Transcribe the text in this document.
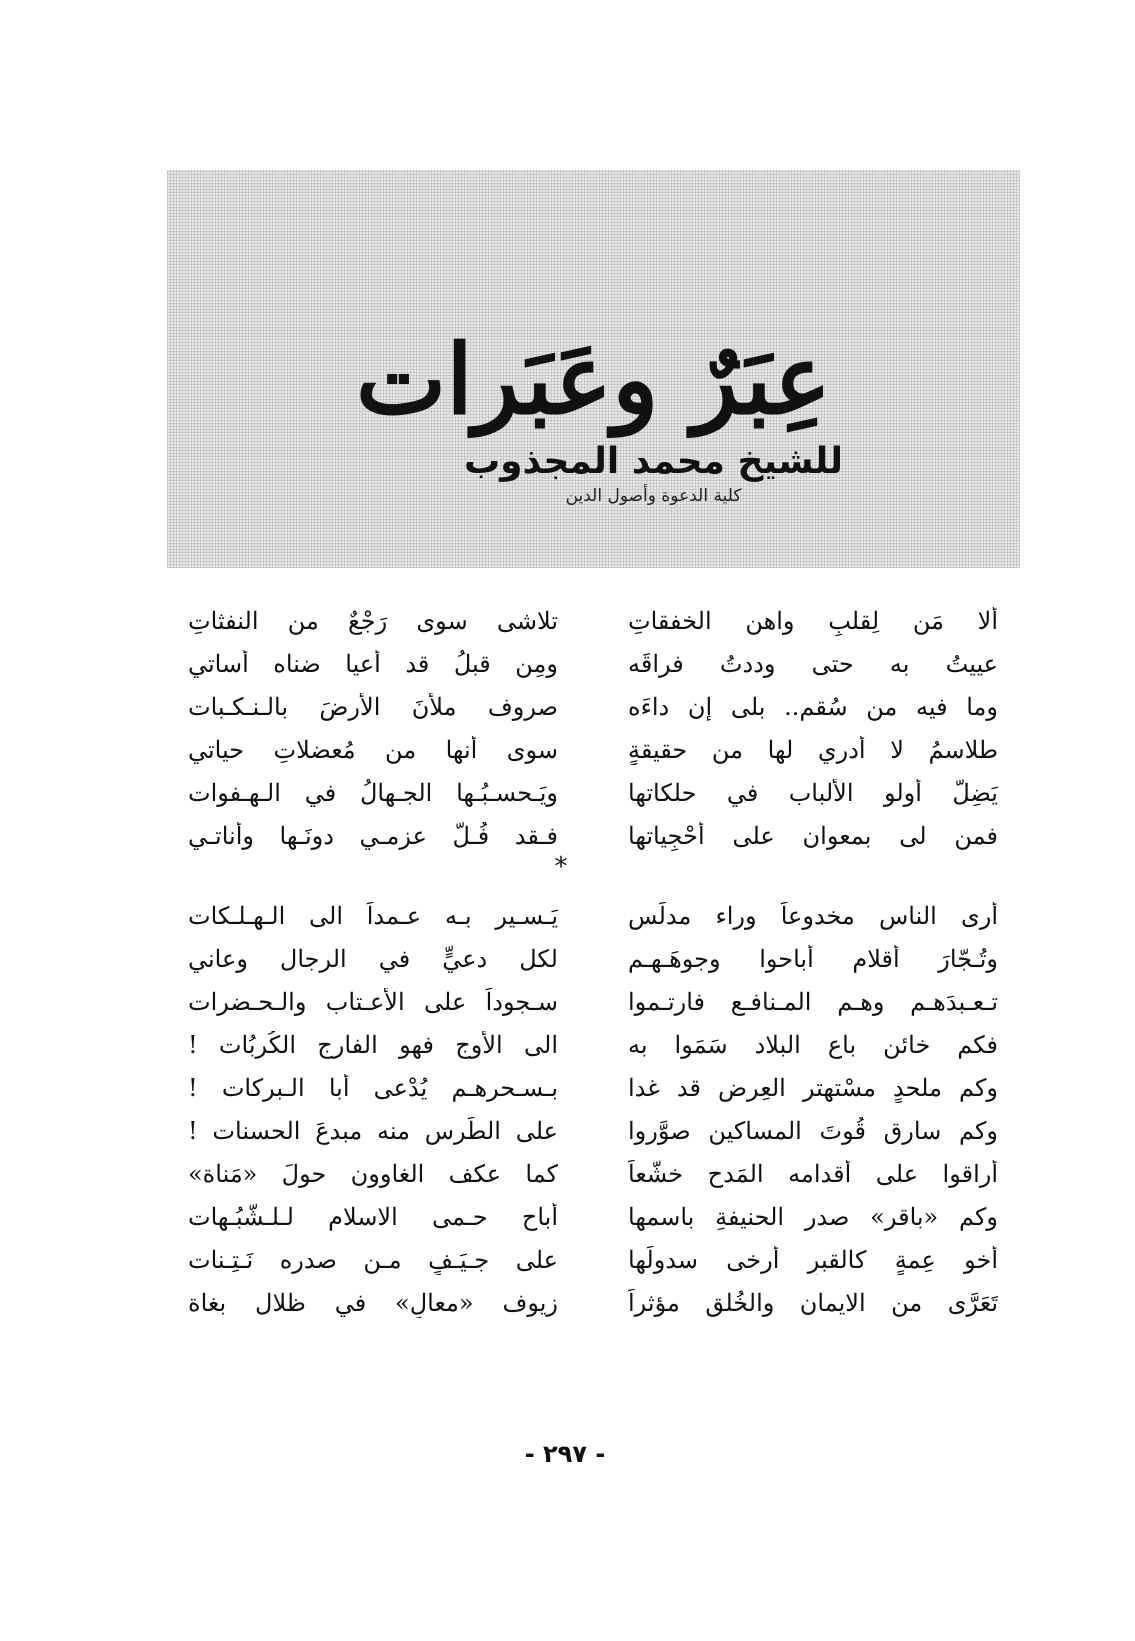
عِبَرٌ وعَبَرات
للشيخ محمد المجذوب
كلية الدعوة وأصول الدين
ألا مَن لِقلبٍ واهنِ الخفقاتِ
تلاشى سوى رَجْعٌ من النفثاتِ
عييتُ به حتى وددتُ فراقَه
ومِن قبلُ قد أعيا ضناه أساتي
وما فيه من سُقمٍ.. بلى إن داءَه
صروف ملأنَ الأرضَ بالـنـكـبات
طلاسمُ لا أدري لها من حقيقةٍ
سوى أنها من مُعضلاتِ حياتي
يَضِلُّ أولو الألباب في حلكاتها
ويَـحسـبُـها الجـهالُ في الـهـفوات
فمن لى بمعوان على أُحْجِياتها
فـقد فُـلَّ عزمـي دونَـها وأناتـي
*
أرى الناس مخدوعاً وراء مدلِّسٍ
يَـسـير بـه عـمداً الى الـهـلـكات
وتُـجّارَ أقلامٍ أباحوا وجوهَـهـم
لكل دعيٍّ في الرجال وعاني
تـعـبدَهـم وهـم المـنافـع فارتـموا
سـجوداً على الأعـتاب والـحـضرات
فكم خائنٍ باع البلاد سَمَوا به
الى الأوج فهو الفارج الكُربُات !
وكم ملحدٍ مسْتهتر العِرضِ قد غدا
بـسـحرهـم يُدْعى أبا الـبركات !
وكم سارقٍ قُوتَ المساكين صوَّروا
على الطِّرسِ منه مبدعَ الحسنات !
أراقوا على أقدامه المَدح خشَّعاً
كما عكف الغاوون حولَ «مَناة»
وكم «باقر» صدر الحنيفةِ باسمها
أباح حـمى الاسلام لـلـشُّبُـهات
أخو عِمةٍ كالقبرِ أرخى سدولَها
على جـيَـفٍ مـن صدره نَـتِـنات
تَعَرَّى من الايمان والخُلق مؤثراً
زيوف «معالٍ» في ظلال بغاة
- ٢٩٧ -
